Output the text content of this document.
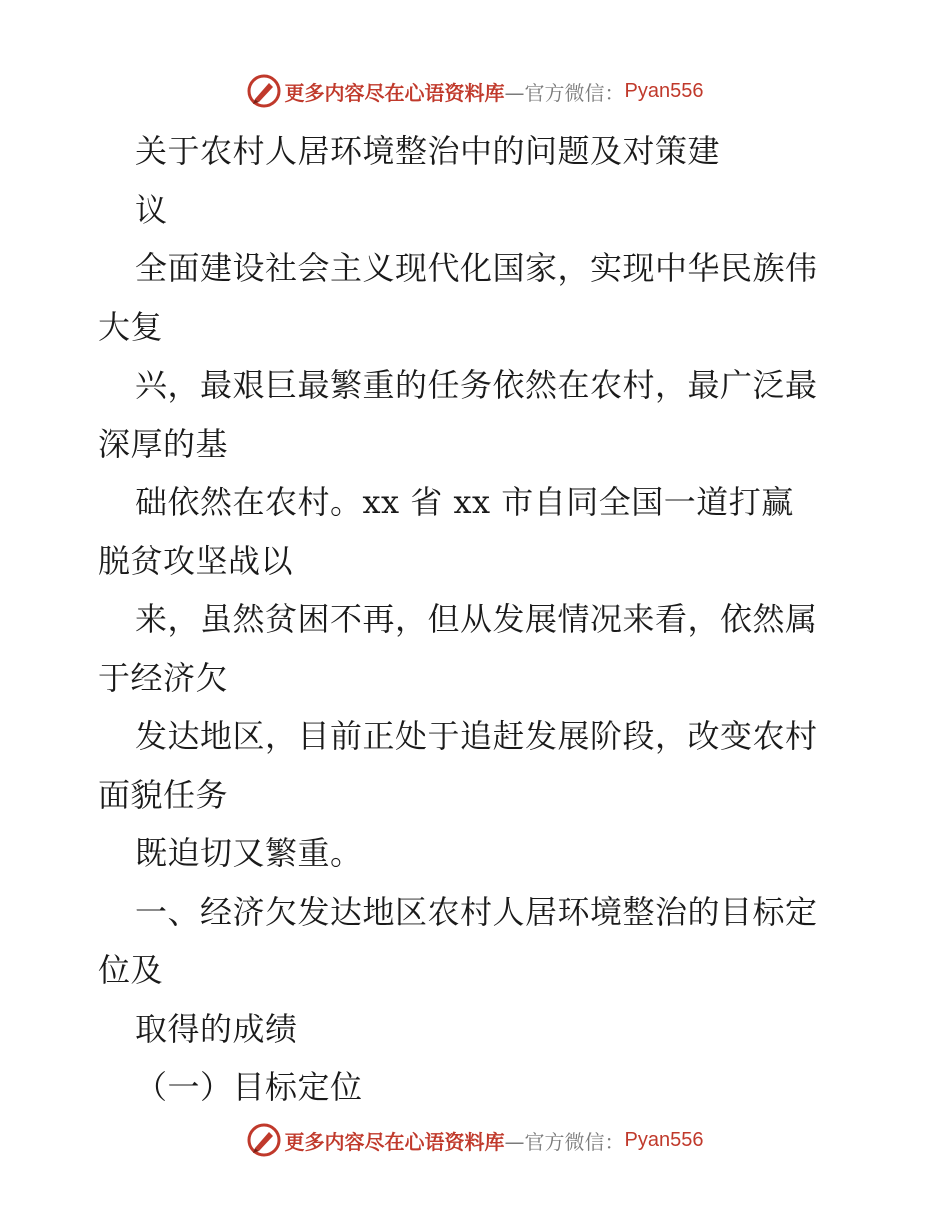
更多内容尽在心语资料库 —官方微信： Pyan556
关于农村人居环境整治中的问题及对策建
议
全面建设社会主义现代化国家，实现中华民族伟
大复
兴，最艰巨最繁重的任务依然在农村，最广泛最
深厚的基
础依然在农村。xx 省 xx 市自同全国一道打赢
脱贫攻坚战以
来，虽然贫困不再，但从发展情况来看，依然属
于经济欠
发达地区，目前正处于追赶发展阶段，改变农村
面貌任务
既迫切又繁重。
一、经济欠发达地区农村人居环境整治的目标定
位及
取得的成绩
（一）目标定位
更多内容尽在心语资料库 —官方微信： Pyan556
